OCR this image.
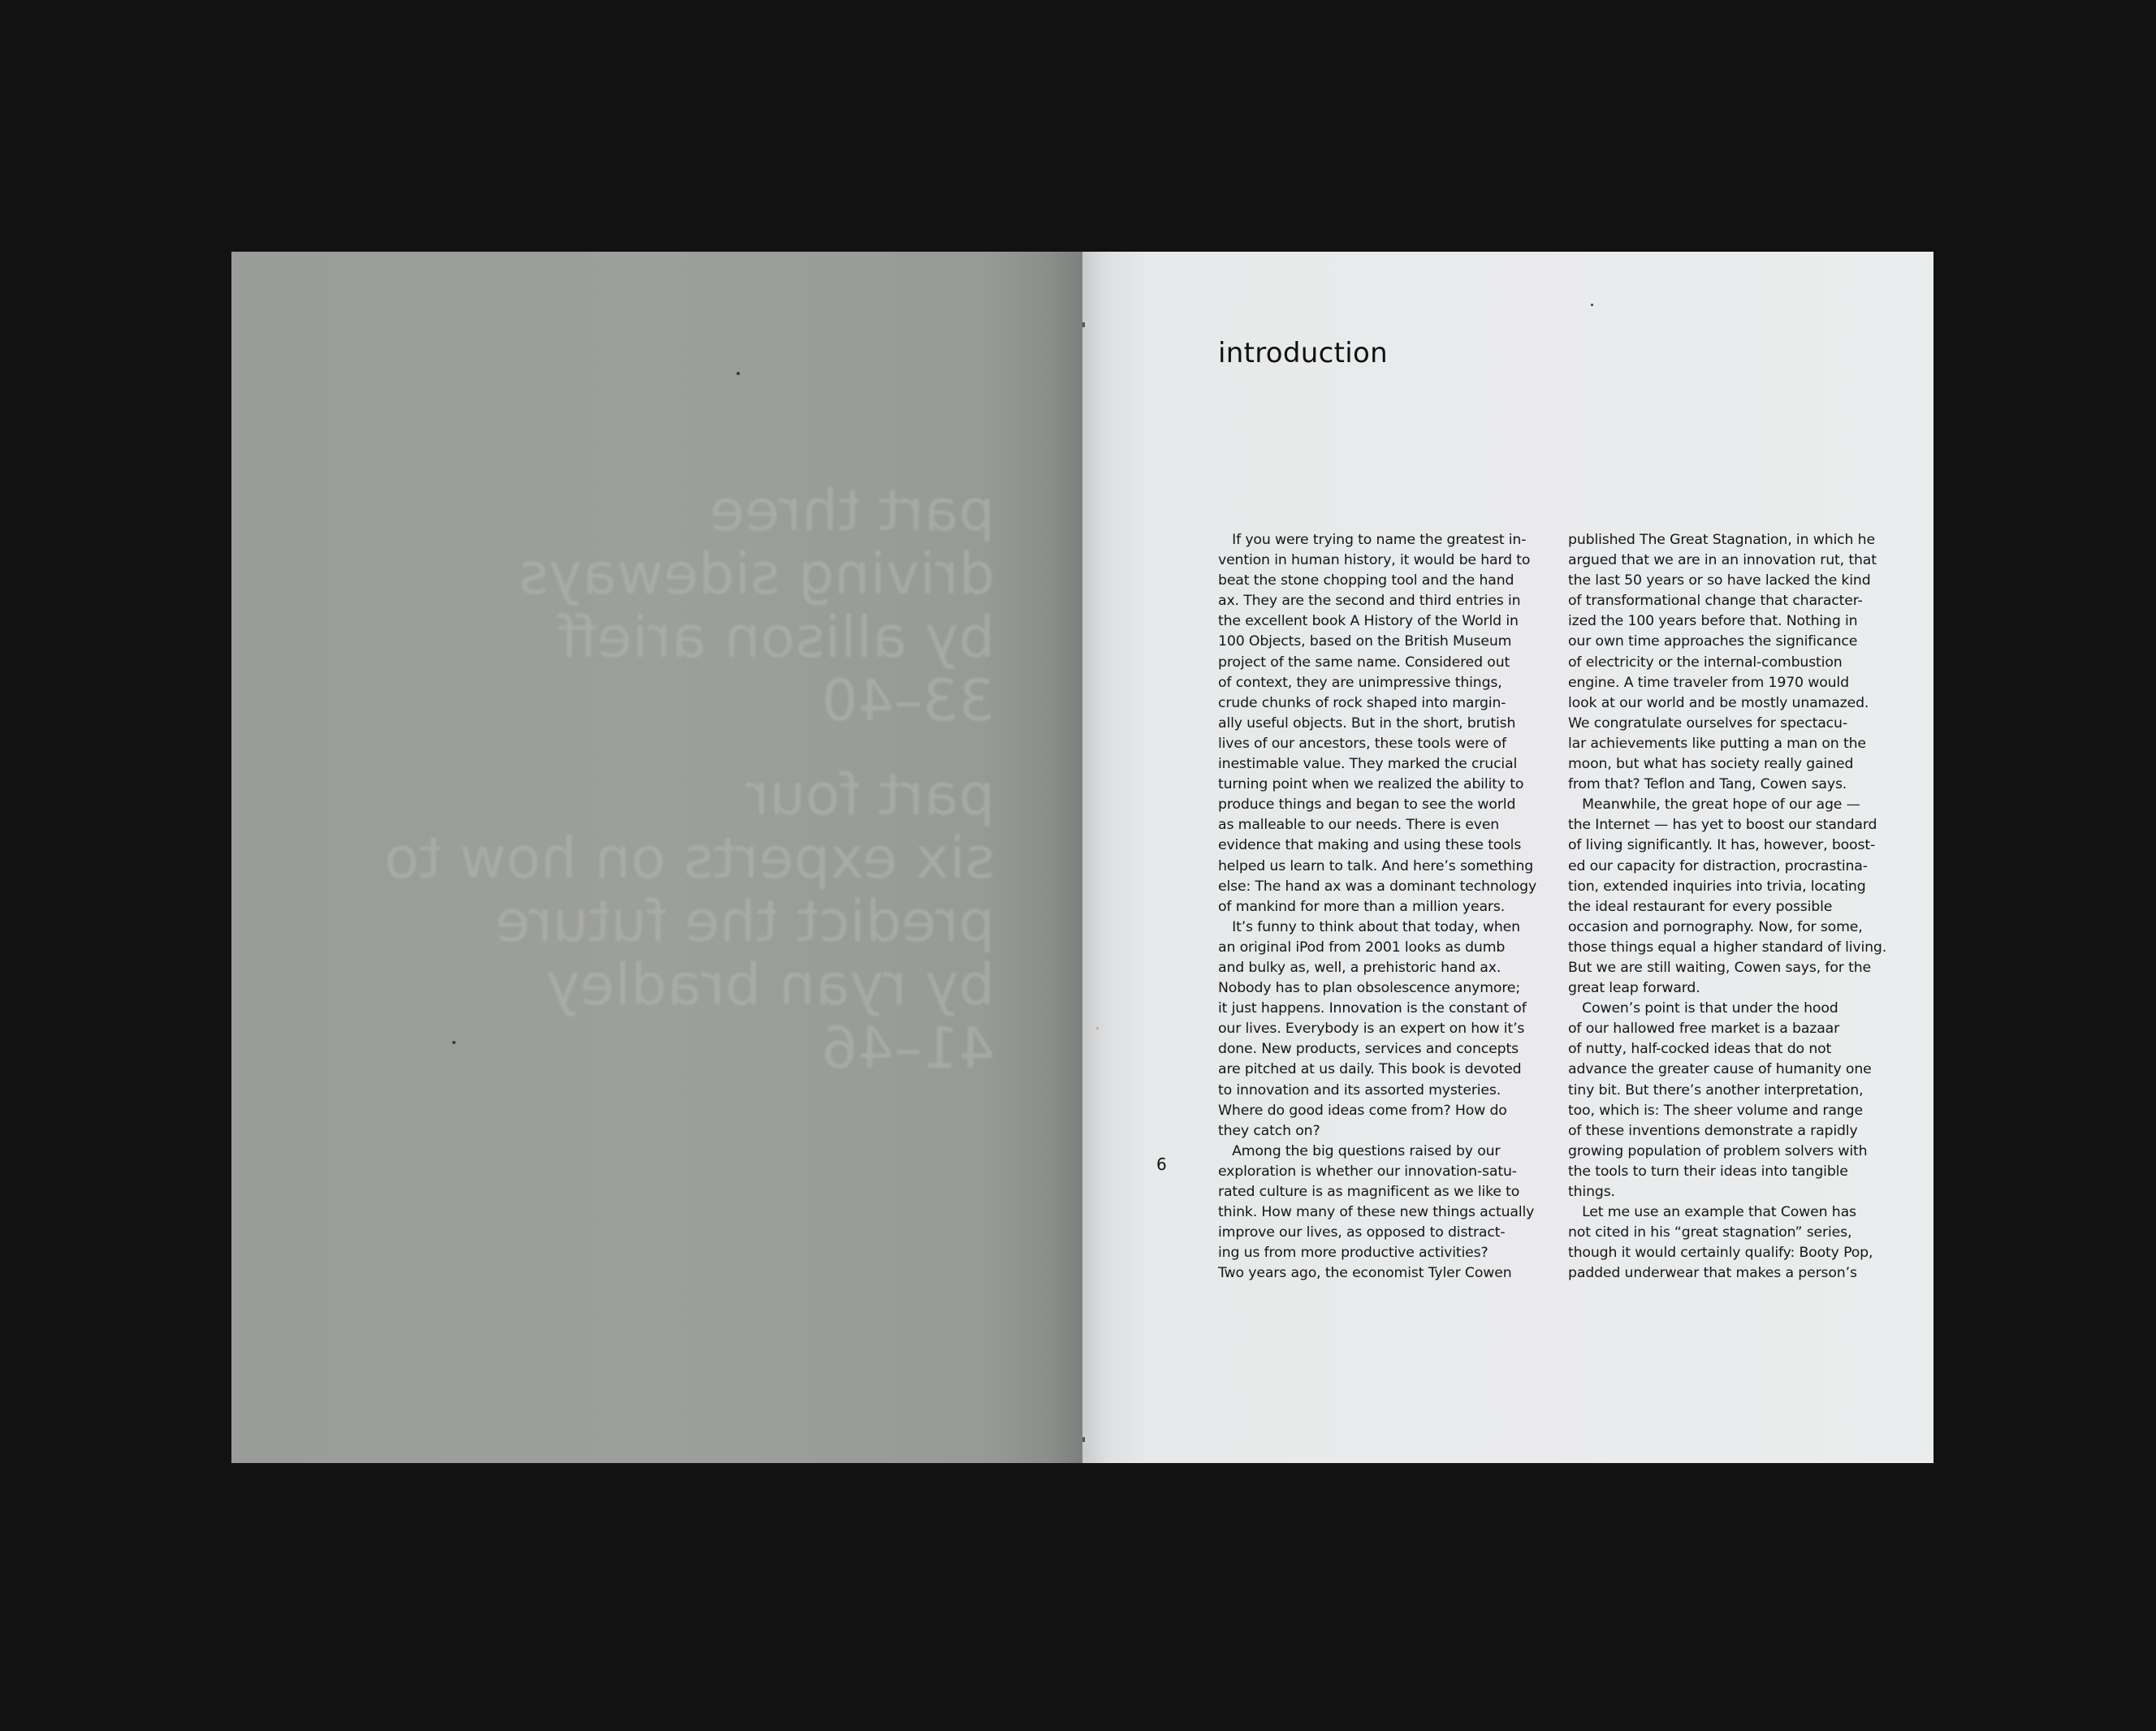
part three
driving sideways
by allison arieff
33–40
part four
six experts on how to
predict the future
by ryan bradley
41–46
introduction
6
 If you were trying to name the greatest in-
vention in human history, it would be hard to
beat the stone chopping tool and the hand
ax. They are the second and third entries in
the excellent book A History of the World in
100 Objects, based on the British Museum
project of the same name. Considered out
of context, they are unimpressive things,
crude chunks of rock shaped into margin-
ally useful objects. But in the short, brutish
lives of our ancestors, these tools were of
inestimable value. They marked the crucial
turning point when we realized the ability to
produce things and began to see the world
as malleable to our needs. There is even
evidence that making and using these tools
helped us learn to talk. And here’s something
else: The hand ax was a dominant technology
of mankind for more than a million years.
 It’s funny to think about that today, when
an original iPod from 2001 looks as dumb
and bulky as, well, a prehistoric hand ax.
Nobody has to plan obsolescence anymore;
it just happens. Innovation is the constant of
our lives. Everybody is an expert on how it’s
done. New products, services and concepts
are pitched at us daily. This book is devoted
to innovation and its assorted mysteries.
Where do good ideas come from? How do
they catch on?
 Among the big questions raised by our
exploration is whether our innovation-satu-
rated culture is as magnificent as we like to
think. How many of these new things actually
improve our lives, as opposed to distract-
ing us from more productive activities?
Two years ago, the economist Tyler Cowen
published The Great Stagnation, in which he
argued that we are in an innovation rut, that
the last 50 years or so have lacked the kind
of transformational change that character-
ized the 100 years before that. Nothing in
our own time approaches the significance
of electricity or the internal-combustion
engine. A time traveler from 1970 would
look at our world and be mostly unamazed.
We congratulate ourselves for spectacu-
lar achievements like putting a man on the
moon, but what has society really gained
from that? Teflon and Tang, Cowen says.
 Meanwhile, the great hope of our age —
the Internet — has yet to boost our standard
of living significantly. It has, however, boost-
ed our capacity for distraction, procrastina-
tion, extended inquiries into trivia, locating
the ideal restaurant for every possible
occasion and pornography. Now, for some,
those things equal a higher standard of living.
But we are still waiting, Cowen says, for the
great leap forward.
 Cowen’s point is that under the hood
of our hallowed free market is a bazaar
of nutty, half-cocked ideas that do not
advance the greater cause of humanity one
tiny bit. But there’s another interpretation,
too, which is: The sheer volume and range
of these inventions demonstrate a rapidly
growing population of problem solvers with
the tools to turn their ideas into tangible
things.
 Let me use an example that Cowen has
not cited in his “great stagnation” series,
though it would certainly qualify: Booty Pop,
padded underwear that makes a person’s
